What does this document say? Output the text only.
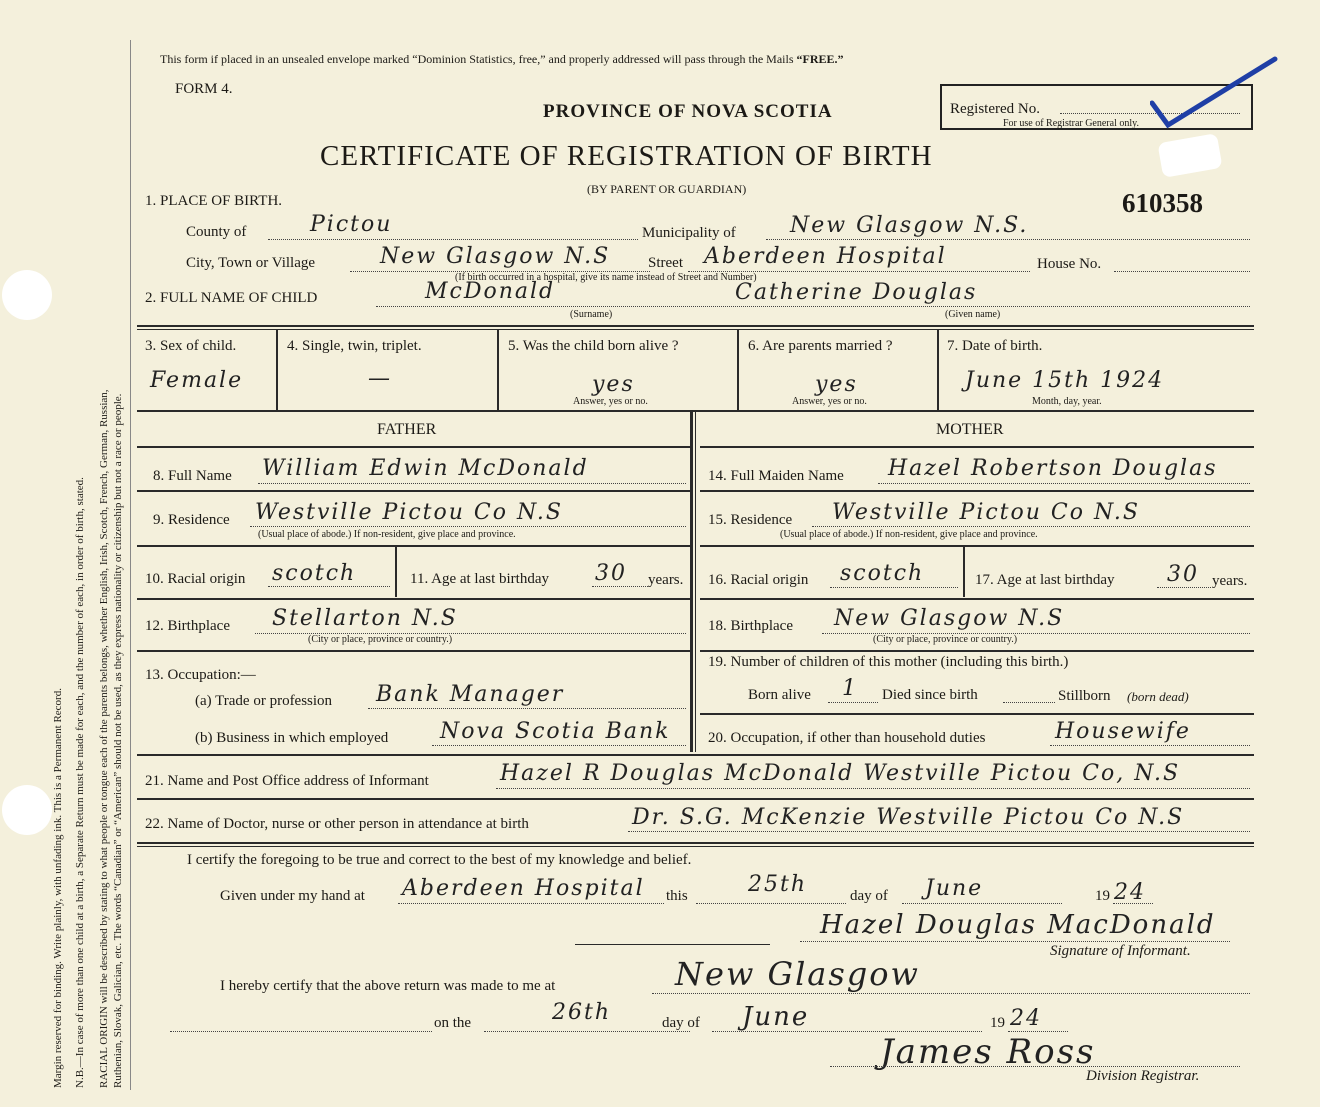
Margin reserved for binding. Write plainly, with unfading ink. This is a Permanent Record. N.B.—In case of more than one child at a birth, a Separate Return must be made for each, and the number of each, in order of birth, stated. RACIAL ORIGIN will be described by stating to what people or tongue each of the parents belongs, whether English, Irish, Scotch, French, German, Russian, Ruthenian, Slovak, Galician, etc. The words “Canadian” or “American” should not be used, as they express nationality or citizenship but not a race or people.
This form if placed in an unsealed envelope marked “Dominion Statistics, free,” and properly addressed will pass through the Mails “FREE.”
FORM 4.
PROVINCE OF NOVA SCOTIA	Registered No.
For use of Registrar General only.
CERTIFICATE OF REGISTRATION OF BIRTH
(BY PARENT OR GUARDIAN)	610358
1. PLACE OF BIRTH.
County of	Pictou	Municipality of New Glasgow N.S.
City, Town or Village	New Glasgow N.S	Street Aberdeen Hospital	House No.
(If birth occurred in a hospital, give its name instead of Street and Number)
2. FULL NAME OF CHILD	McDonald	Catherine Douglas
(Surname)	(Given name)
3. Sex of child.
Female
4. Single, twin, triplet.
—
5. Was the child born alive ?
yes
Answer, yes or no.
6. Are parents married ?
yes
Answer, yes or no.
7. Date of birth.
June 15th 1924
Month, day, year.
FATHER	MOTHER
8. Full Name William Edwin McDonald
9. Residence Westville Pictou Co N.S
(Usual place of abode.) If non-resident, give place and province.
10. Racial origin scotch	11. Age at last birthday 30 years.
12. Birthplace Stellarton N.S
(City or place, province or country.)
13. Occupation:—
(a) Trade or profession Bank Manager
(b) Business in which employed Nova Scotia Bank
14. Full Maiden Name Hazel Robertson Douglas
15. Residence Westville Pictou Co N.S
(Usual place of abode.) If non-resident, give place and province.
16. Racial origin scotch	17. Age at last birthday 30 years.
18. Birthplace New Glasgow N.S
(City or place, province or country.)
19. Number of children of this mother (including this birth.)
Born alive 1 Died since birth	Stillborn (born dead)
20. Occupation, if other than household duties	Housewife
21. Name and Post Office address of Informant	Hazel R Douglas McDonald Westville Pictou Co, N.S
22. Name of Doctor, nurse or other person in attendance at birth	Dr. S.G. McKenzie Westville Pictou Co N.S
I certify the foregoing to be true and correct to the best of my knowledge and belief.
Given under my hand at Aberdeen Hospital this	25th	day of June	19 24
Hazel Douglas MacDonald
Signature of Informant.
I hereby certify that the above return was made to me at	New Glasgow
on the	26th	day of June	19 24
James Ross
Division Registrar.
